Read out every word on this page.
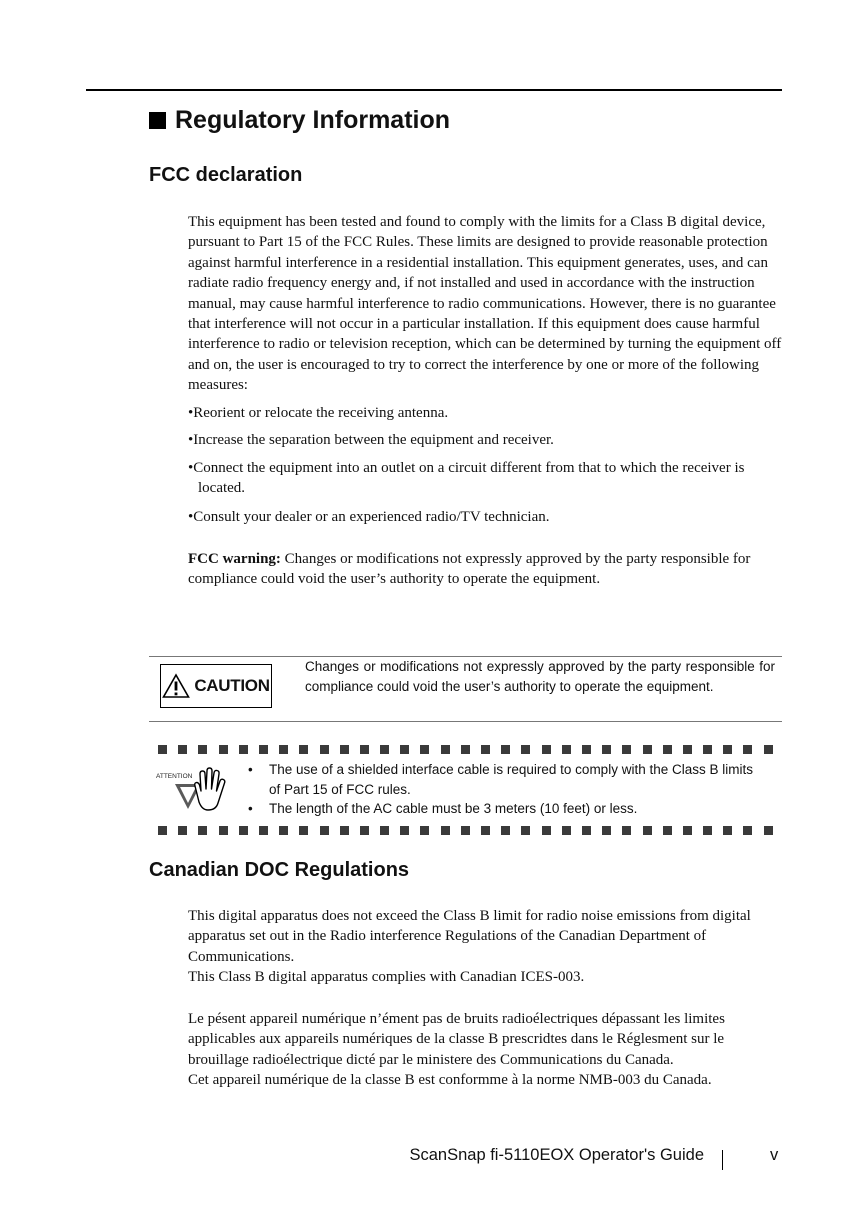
Regulatory Information
FCC declaration

This equipment has been tested and found to comply with the limits for a Class B digital device, pursuant to Part 15 of the FCC Rules. These limits are designed to provide reasonable protection against harmful interference in a residential installation. This equipment generates, uses, and can radiate radio frequency energy and, if not installed and used in accordance with the instruction manual, may cause harmful interference to radio communications. However, there is no guarantee that interference will not occur in a particular installation. If this equipment does cause harmful interference to radio or television reception, which can be determined by turning the equipment off and on, the user is encouraged to try to correct the interference by one or more of the following measures:

•Reorient or relocate the receiving antenna.

•Increase the separation between the equipment and receiver.

•Connect the equipment into an outlet on a circuit different from that to which the receiver is located.

•Consult your dealer or an experienced radio/TV technician.

FCC warning: Changes or modifications not expressly approved by the party responsible for compliance could void the user’s authority to operate the equipment.

CAUTION

Changes or modifications not expressly approved by the party responsible for compliance could void the user’s authority to operate the equipment.

ATTENTION
•	The use of a shielded interface cable is required to comply with the Class B limits of Part 15 of FCC rules.
• The length of the AC cable must be 3 meters (10 feet) or less.
Canadian DOC Regulations

This digital apparatus does not exceed the Class B limit for radio noise emissions from digital apparatus set out in the Radio interference Regulations of the Canadian Department of Communications.

This Class B digital apparatus complies with Canadian ICES-003.

Le pésent appareil numérique n’ément pas de bruits radioélectriques dépassant les limites applicables aux appareils numériques de la classe B prescridtes dans le Réglesment sur le brouillage radioélectrique dicté par le ministere des Communications du Canada.

Cet appareil numérique de la classe B est conformme à la norme NMB-003 du Canada.

ScanSnap fi-5110EOX Operator's Guide	v
